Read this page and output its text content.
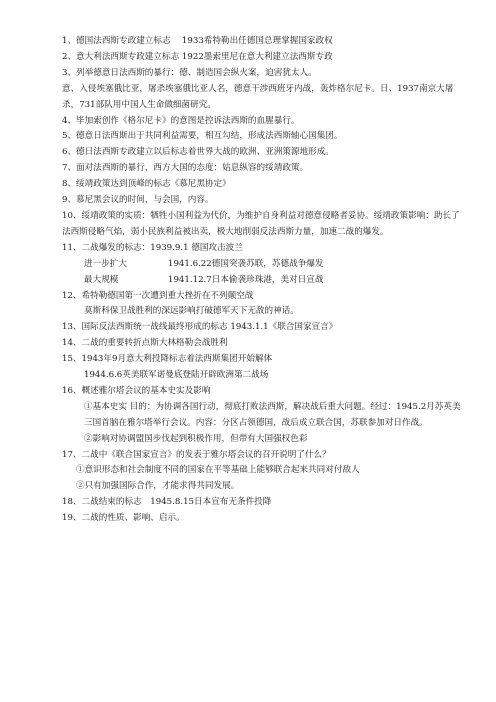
1、德国法西斯专政建立标志　 1933希特勒出任德国总理掌握国家政权
2、意大利法西斯专政建立标志 1922墨索里尼在意大利建立法西斯专政
3、列举德意日法西斯的暴行：德、制造国会纵火案，迫害犹太人。
意、入侵埃塞俄比亚，屠杀埃塞俄比亚人名，德意干涉西班牙内战，轰炸格尔尼卡。日、1937南京大屠杀，731部队用中国人生命做细菌研究。
4、毕加索创作《格尔尼卡》的意图是控诉法西斯的血腥暴行。
5、德意日法西斯出于共同利益需要，相互勾结，形成法西斯轴心国集团。
6、德日法西斯专政建立以后标志着世界大战的欧洲、亚洲策源地形成。
7、面对法西斯的暴行，西方大国的态度：姑息纵容的绥靖政策。
8、绥靖政策达到顶峰的标志《慕尼黑协定》
9、慕尼黑会议的时间，与会国，内容。
10、绥靖政策的实质：牺牲小国利益为代价，为维护自身利益对德意侵略者妥协。绥靖政策影响：助长了法西斯侵略气焰，弱小民族利益被出卖，极大地削弱反法西斯力量，加速二战的爆发。
11、二战爆发的标志：1939.9.1 德国攻击波兰
进一步扩大	1941.6.22德国突袭苏联，苏德战争爆发
最大规模	1941.12.7日本偷袭珍珠港，美对日宣战
12、希特勒德国第一次遭到重大挫折在不列颠空战
莫斯科保卫战胜利的深远影响打破德军天下无敌的神话。
13、国际反法西斯统一战线最终形成的标志 1943.1.1《联合国家宣言》
14、二战的重要转折点斯大林格勒会战胜利
15、1943年9月意大利投降标志着法西斯集团开始解体
1944.6.6英美联军诺曼底登陆开辟欧洲第二战场
16、概述雅尔塔会议的基本史实及影响
①基本史实 目的：为协调各国行动，彻底打败法西斯，解决战后重大问题。经过：1945.2月苏英美三国首脑在雅尔塔举行会议。内容：分区占领德国，战后成立联合国，苏联参加对日作战。
②影响对协调盟国步伐起到积极作用，但带有大国强权色彩
17、二战中《联合国家宣言》的发表于雅尔塔会议的召开说明了什么？
①意识形态和社会制度不同的国家在平等基础上能够联合起来共同对付敌人
②只有加强国际合作，才能求得共同发展。
18、二战结束的标志　1945.8.15日本宣布无条件投降
19、二战的性质、影响、启示。
